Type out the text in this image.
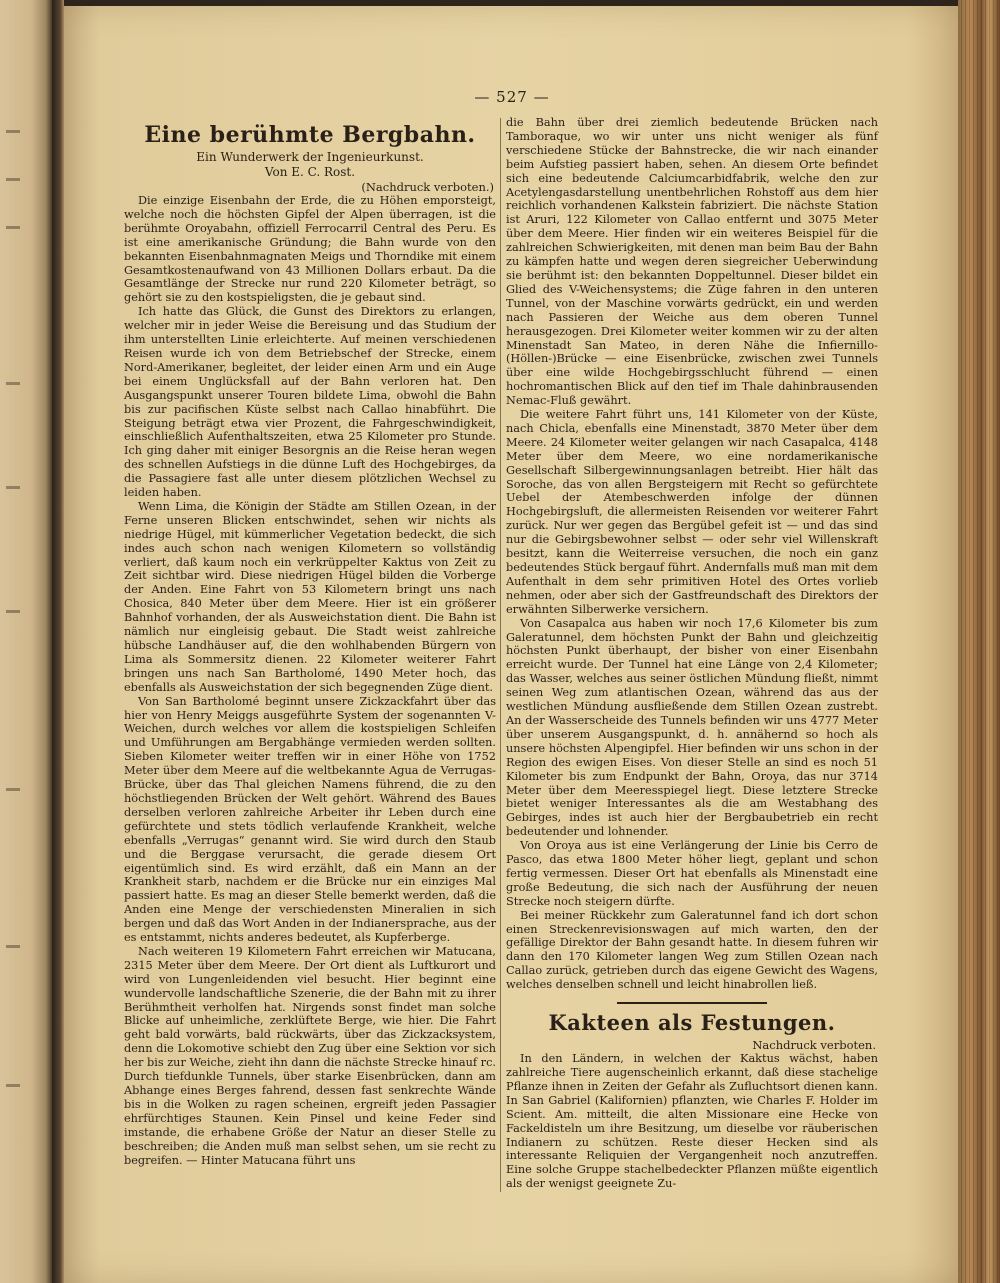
— 527 —
Eine berühmte Bergbahn.
Ein Wunderwerk der Ingenieurkunst.
Von E. C. Rost.
(Nachdruck verboten.)

Die einzige Eisenbahn der Erde, die zu Höhen emporsteigt, welche noch die höchsten Gipfel der Alpen überragen, ist die berühmte Oroyabahn, offiziell Ferrocarril Central des Peru. Es ist eine amerikanische Gründung; die Bahn wurde von den bekannten Eisenbahnmagnaten Meigs und Thorndike mit einem Gesamtkostenaufwand von 43 Millionen Dollars erbaut. Da die Gesamtlänge der Strecke nur rund 220 Kilometer beträgt, so gehört sie zu den kostspieligsten, die je gebaut sind.

Ich hatte das Glück, die Gunst des Direktors zu erlangen, welcher mir in jeder Weise die Bereisung und das Studium der ihm unterstellten Linie erleichterte. Auf meinen verschiedenen Reisen wurde ich von dem Betriebschef der Strecke, einem Nord-Amerikaner, begleitet, der leider einen Arm und ein Auge bei einem Unglücksfall auf der Bahn verloren hat. Den Ausgangspunkt unserer Touren bildete Lima, obwohl die Bahn bis zur pacifischen Küste selbst nach Callao hinabführt. Die Steigung beträgt etwa vier Prozent, die Fahrgeschwindigkeit, einschließlich Aufenthaltszeiten, etwa 25 Kilometer pro Stunde. Ich ging daher mit einiger Besorgnis an die Reise heran wegen des schnellen Aufstiegs in die dünne Luft des Hochgebirges, da die Passagiere fast alle unter diesem plötzlichen Wechsel zu leiden haben.

Wenn Lima, die Königin der Städte am Stillen Ozean, in der Ferne unseren Blicken entschwindet, sehen wir nichts als niedrige Hügel, mit kümmerlicher Vegetation bedeckt, die sich indes auch schon nach wenigen Kilometern so vollständig verliert, daß kaum noch ein verkrüppelter Kaktus von Zeit zu Zeit sichtbar wird. Diese niedrigen Hügel bilden die Vorberge der Anden. Eine Fahrt von 53 Kilometern bringt uns nach Chosica, 840 Meter über dem Meere. Hier ist ein größerer Bahnhof vorhanden, der als Ausweichstation dient. Die Bahn ist nämlich nur eingleisig gebaut. Die Stadt weist zahlreiche hübsche Landhäuser auf, die den wohlhabenden Bürgern von Lima als Sommersitz dienen. 22 Kilometer weiterer Fahrt bringen uns nach San Bartholomé, 1490 Meter hoch, das ebenfalls als Ausweichstation der sich begegnenden Züge dient.

Von San Bartholomé beginnt unsere Zickzackfahrt über das hier von Henry Meiggs ausgeführte System der sogenannten V-Weichen, durch welches vor allem die kostspieligen Schleifen und Umführungen am Bergabhänge vermieden werden sollten. Sieben Kilometer weiter treffen wir in einer Höhe von 1752 Meter über dem Meere auf die weltbekannte Agua de Verrugas-Brücke, über das Thal gleichen Namens führend, die zu den höchstliegenden Brücken der Welt gehört. Während des Baues derselben verloren zahlreiche Arbeiter ihr Leben durch eine gefürchtete und stets tödlich verlaufende Krankheit, welche ebenfalls „Verrugas“ genannt wird. Sie wird durch den Staub und die Berggase verursacht, die gerade diesem Ort eigentümlich sind. Es wird erzählt, daß ein Mann an der Krankheit starb, nachdem er die Brücke nur ein einziges Mal passiert hatte. Es mag an dieser Stelle bemerkt werden, daß die Anden eine Menge der verschiedensten Mineralien in sich bergen und daß das Wort Anden in der Indianersprache, aus der es entstammt, nichts anderes bedeutet, als Kupferberge.

Nach weiteren 19 Kilometern Fahrt erreichen wir Matucana, 2315 Meter über dem Meere. Der Ort dient als Luftkurort und wird von Lungenleidenden viel besucht. Hier beginnt eine wundervolle landschaftliche Szenerie, die der Bahn mit zu ihrer Berühmtheit verholfen hat. Nirgends sonst findet man solche Blicke auf unheimliche, zerklüftete Berge, wie hier. Die Fahrt geht bald vorwärts, bald rückwärts, über das Zickzacksystem, denn die Lokomotive schiebt den Zug über eine Sektion vor sich her bis zur Weiche, zieht ihn dann die nächste Strecke hinauf rc. Durch tiefdunkle Tunnels, über starke Eisenbrücken, dann am Abhange eines Berges fahrend, dessen fast senkrechte Wände bis in die Wolken zu ragen scheinen, ergreift jeden Passagier ehrfürchtiges Staunen. Kein Pinsel und keine Feder sind imstande, die erhabene Größe der Natur an dieser Stelle zu beschreiben; die Anden muß man selbst sehen, um sie recht zu begreifen. — Hinter Matucana führt uns

die Bahn über drei ziemlich bedeutende Brücken nach Tamboraque, wo wir unter uns nicht weniger als fünf verschiedene Stücke der Bahnstrecke, die wir nach einander beim Aufstieg passiert haben, sehen. An diesem Orte befindet sich eine bedeutende Calciumcarbidfabrik, welche den zur Acetylengasdarstellung unentbehrlichen Rohstoff aus dem hier reichlich vorhandenen Kalkstein fabriziert. Die nächste Station ist Aruri, 122 Kilometer von Callao entfernt und 3075 Meter über dem Meere. Hier finden wir ein weiteres Beispiel für die zahlreichen Schwierigkeiten, mit denen man beim Bau der Bahn zu kämpfen hatte und wegen deren siegreicher Ueberwindung sie berühmt ist: den bekannten Doppeltunnel. Dieser bildet ein Glied des V-Weichensystems; die Züge fahren in den unteren Tunnel, von der Maschine vorwärts gedrückt, ein und werden nach Passieren der Weiche aus dem oberen Tunnel herausgezogen. Drei Kilometer weiter kommen wir zu der alten Minenstadt San Mateo, in deren Nähe die Infiernillo-(Höllen-)Brücke — eine Eisenbrücke, zwischen zwei Tunnels über eine wilde Hochgebirgsschlucht führend — einen hochromantischen Blick auf den tief im Thale dahinbrausenden Nemac-Fluß gewährt.

Die weitere Fahrt führt uns, 141 Kilometer von der Küste, nach Chicla, ebenfalls eine Minenstadt, 3870 Meter über dem Meere. 24 Kilometer weiter gelangen wir nach Casapalca, 4148 Meter über dem Meere, wo eine nordamerikanische Gesellschaft Silbergewinnungsanlagen betreibt. Hier hält das Soroche, das von allen Bergsteigern mit Recht so gefürchtete Uebel der Atembeschwerden infolge der dünnen Hochgebirgsluft, die allermeisten Reisenden vor weiterer Fahrt zurück. Nur wer gegen das Bergübel gefeit ist — und das sind nur die Gebirgsbewohner selbst — oder sehr viel Willenskraft besitzt, kann die Weiterreise versuchen, die noch ein ganz bedeutendes Stück bergauf führt. Andernfalls muß man mit dem Aufenthalt in dem sehr primitiven Hotel des Ortes vorlieb nehmen, oder aber sich der Gastfreundschaft des Direktors der erwähnten Silberwerke versichern.

Von Casapalca aus haben wir noch 17,6 Kilometer bis zum Galeratunnel, dem höchsten Punkt der Bahn und gleichzeitig höchsten Punkt überhaupt, der bisher von einer Eisenbahn erreicht wurde. Der Tunnel hat eine Länge von 2,4 Kilometer; das Wasser, welches aus seiner östlichen Mündung fließt, nimmt seinen Weg zum atlantischen Ozean, während das aus der westlichen Mündung ausfließende dem Stillen Ozean zustrebt. An der Wasserscheide des Tunnels befinden wir uns 4777 Meter über unserem Ausgangspunkt, d. h. annähernd so hoch als unsere höchsten Alpengipfel. Hier befinden wir uns schon in der Region des ewigen Eises. Von dieser Stelle an sind es noch 51 Kilometer bis zum Endpunkt der Bahn, Oroya, das nur 3714 Meter über dem Meeresspiegel liegt. Diese letztere Strecke bietet weniger Interessantes als die am Westabhang des Gebirges, indes ist auch hier der Bergbaubetrieb ein recht bedeutender und lohnender.

Von Oroya aus ist eine Verlängerung der Linie bis Cerro de Pasco, das etwa 1800 Meter höher liegt, geplant und schon fertig vermessen. Dieser Ort hat ebenfalls als Minenstadt eine große Bedeutung, die sich nach der Ausführung der neuen Strecke noch steigern dürfte.

Bei meiner Rückkehr zum Galeratunnel fand ich dort schon einen Streckenrevisionswagen auf mich warten, den der gefällige Direktor der Bahn gesandt hatte. In diesem fuhren wir dann den 170 Kilometer langen Weg zum Stillen Ozean nach Callao zurück, getrieben durch das eigene Gewicht des Wagens, welches denselben schnell und leicht hinabrollen ließ.

Kakteen als Festungen.
Nachdruck verboten.

In den Ländern, in welchen der Kaktus wächst, haben zahlreiche Tiere augenscheinlich erkannt, daß diese stachelige Pflanze ihnen in Zeiten der Gefahr als Zufluchtsort dienen kann. In San Gabriel (Kalifornien) pflanzten, wie Charles F. Holder im Scient. Am. mitteilt, die alten Missionare eine Hecke von Fackeldisteln um ihre Besitzung, um dieselbe vor räuberischen Indianern zu schützen. Reste dieser Hecken sind als interessante Reliquien der Vergangenheit noch anzutreffen. Eine solche Gruppe stachelbedeckter Pflanzen müßte eigentlich als der wenigst geeignete Zu-
